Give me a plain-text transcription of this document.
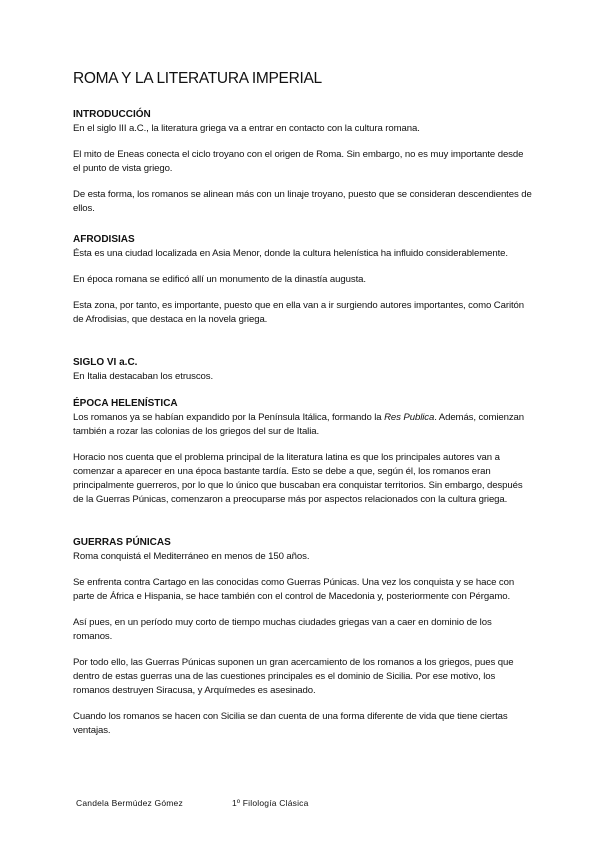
ROMA Y LA LITERATURA IMPERIAL

INTRODUCCIÓN

En el siglo III a.C., la literatura griega va a entrar en contacto con la cultura romana.

El mito de Eneas conecta el ciclo troyano con el origen de Roma. Sin embargo, no es muy importante desde el punto de vista griego.

De esta forma, los romanos se alinean más con un linaje troyano, puesto que se consideran descendientes de ellos.

AFRODISIAS

Ésta es una ciudad localizada en Asia Menor, donde la cultura helenística ha influido considerablemente.

En época romana se edificó allí un monumento de la dinastía augusta.

Esta zona, por tanto, es importante, puesto que en ella van a ir surgiendo autores importantes, como Caritón de Afrodisias, que destaca en la novela griega.

SIGLO VI a.C.

En Italia destacaban los etruscos.

ÉPOCA HELENÍSTICA

Los romanos ya se habían expandido por la Península Itálica, formando la Res Publica. Además, comienzan también a rozar las colonias de los griegos del sur de Italia.

Horacio nos cuenta que el problema principal de la literatura latina es que los principales autores van a comenzar a aparecer en una época bastante tardía. Esto se debe a que, según él, los romanos eran principalmente guerreros, por lo que lo único que buscaban era conquistar territorios. Sin embargo, después de la Guerras Púnicas, comenzaron a preocuparse más por aspectos relacionados con la cultura griega.

GUERRAS PÚNICAS

Roma conquistá el Mediterráneo en menos de 150 años.

Se enfrenta contra Cartago en las conocidas como Guerras Púnicas. Una vez los conquista y se hace con parte de África e Hispania, se hace también con el control de Macedonia y, posteriormente con Pérgamo.

Así pues, en un período muy corto de tiempo muchas ciudades griegas van a caer en dominio de los romanos.

Por todo ello, las Guerras Púnicas suponen un gran acercamiento de los romanos a los griegos, pues que dentro de estas guerras una de las cuestiones principales es el dominio de Sicilia. Por ese motivo, los romanos destruyen Siracusa, y Arquímedes es asesinado.

Cuando los romanos se hacen con Sicilia se dan cuenta de una forma diferente de vida que tiene ciertas ventajas.

Candela Bermúdez Gómez	1º Filología Clásica
